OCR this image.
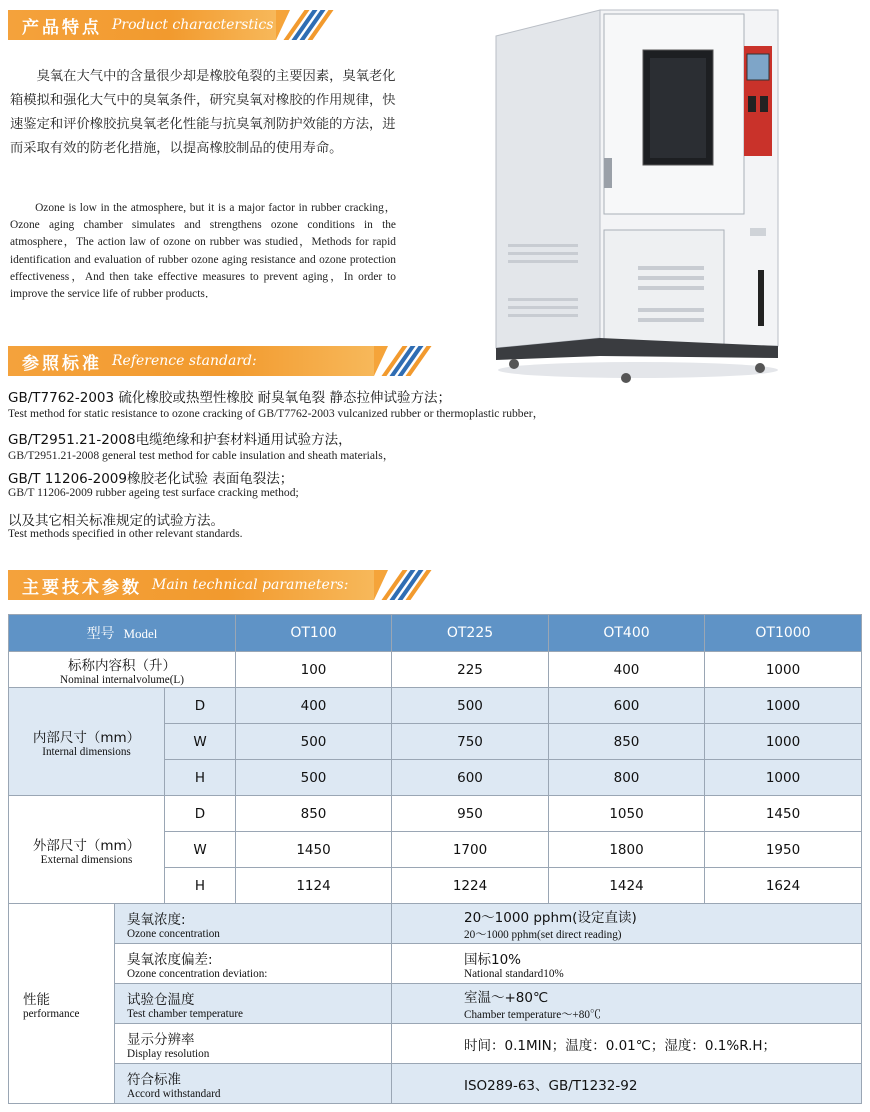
产品特点 Product characterstics

臭氧在大气中的含量很少却是橡胶龟裂的主要因素，臭氧老化箱模拟和强化大气中的臭氧条件，研究臭氧对橡胶的作用规律，快速鉴定和评价橡胶抗臭氧老化性能与抗臭氧剂防护效能的方法，进而采取有效的防老化措施，以提高橡胶制品的使用寿命。

Ozone is low in the atmosphere, but it is a major factor in rubber cracking，Ozone aging chamber simulates and strengthens ozone conditions in the atmosphere，The action law of ozone on rubber was studied，Methods for rapid identification and evaluation of rubber ozone aging resistance and ozone protection effectiveness，And then take effective measures to prevent aging，In order to improve the service life of rubber products．

参照标准 Reference standard:
GB/T7762-2003 硫化橡胶或热塑性橡胶 耐臭氧龟裂 静态拉伸试验方法；
Test method for static resistance to ozone cracking of GB/T7762-2003 vulcanized rubber or thermoplastic rubber，
GB/T2951.21-2008电缆绝缘和护套材料通用试验方法，
GB/T2951.21-2008 general test method for cable insulation and sheath materials，
GB/T 11206-2009橡胶老化试验 表面龟裂法；
GB/T 11206-2009 rubber ageing test surface cracking method;
以及其它相关标准规定的试验方法。
Test methods specified in other relevant standards.
主要技术参数 Main technical parameters:
型号 Model			OT100	OT225	OT400	OT1000

标称内容积（升）
Nominal internalvolume(L)			100	225	400	1000

内部尺寸（mm）
Internal dimensions		D	400	500	600	1000
		W	500	750	850	1000
		H	500	600	800	1000

外部尺寸（mm）
External dimensions		D	850	950	1050	1450
		W	1450	1700	1800	1950
		H	1124	1224	1424	1624

性能
performance	臭氧浓度:
Ozone concentration			20～1000 pphm(设定直读)
20～1000 pphm(set direct reading)		

	臭氧浓度偏差:
Ozone concentration deviation:			国标10%
National standard10%		

	试验仓温度
Test chamber temperature			室温～+80℃
Chamber temperature～+80℃		

	显示分辨率
Display resolution			时间：0.1MIN；温度：0.01℃；湿度：0.1%R.H；		

	符合标准
Accord withstandard			ISO289-63、GB/T1232-92		
